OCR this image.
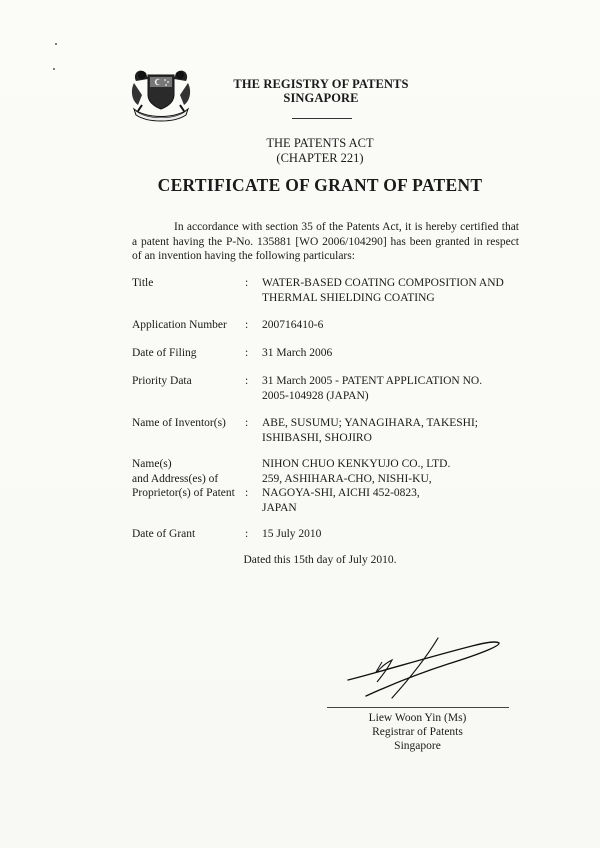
THE REGISTRY OF PATENTS
SINGAPORE
THE PATENTS ACT
(CHAPTER 221)
CERTIFICATE OF GRANT OF PATENT
In accordance with section 35 of the Patents Act, it is hereby certified that a patent having the P-No. 135881 [WO 2006/104290] has been granted in respect of an invention having the following particulars:
Title	: WATER-BASED COATING COMPOSITION AND
THERMAL SHIELDING COATING
Application Number	: 200716410-6
Date of Filing	: 31 March 2006
Priority Data	: 31 March 2005 - PATENT APPLICATION NO.
2005-104928 (JAPAN)
Name of Inventor(s)	: ABE, SUSUMU; YANAGIHARA, TAKESHI;
ISHIBASHI, SHOJIRO
Name(s)
and Address(es) of
Proprietor(s) of Patent :
NIHON CHUO KENKYUJO CO., LTD.
259, ASHIHARA-CHO, NISHI-KU,
NAGOYA-SHI, AICHI 452-0823,
JAPAN
Date of Grant	: 15 July 2010
Dated this 15th day of July 2010.
Liew Woon Yin (Ms)
Registrar of Patents
Singapore
